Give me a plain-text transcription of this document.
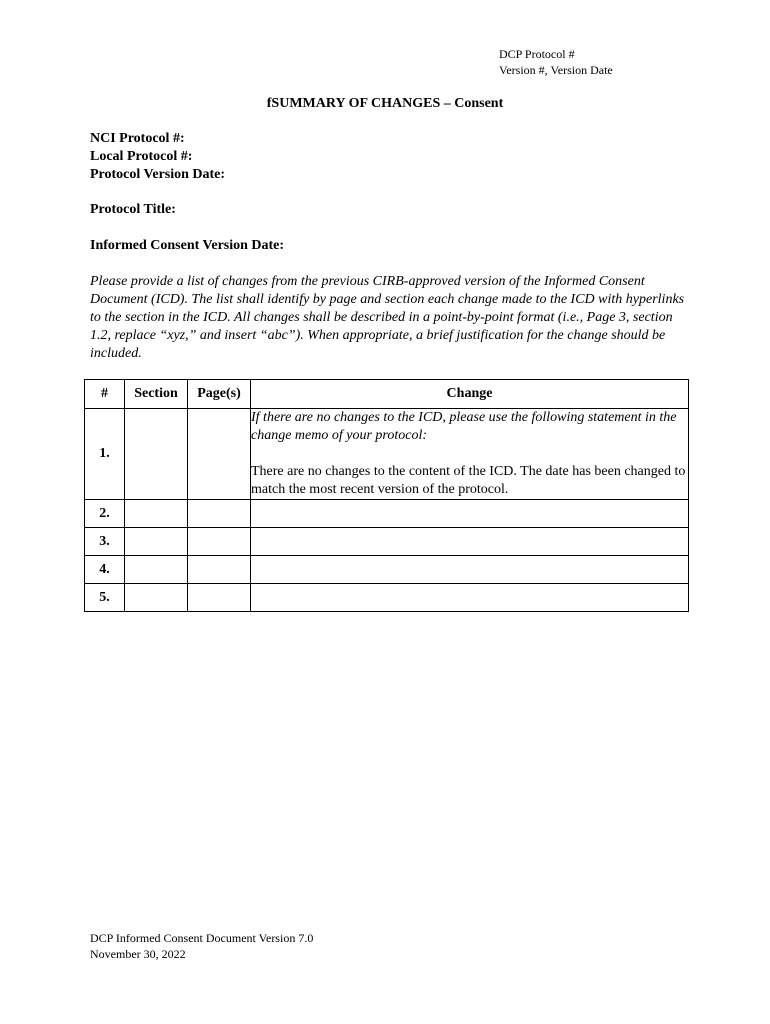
DCP Protocol #
Version #, Version Date
fSUMMARY OF CHANGES – Consent
NCI Protocol #:
Local Protocol #:
Protocol Version Date:
Protocol Title:
Informed Consent Version Date:
Please provide a list of changes from the previous CIRB-approved version of the Informed Consent Document (ICD). The list shall identify by page and section each change made to the ICD with hyperlinks to the section in the ICD. All changes shall be described in a point-by-point format (i.e., Page 3, section 1.2, replace “xyz,” and insert “abc”). When appropriate, a brief justification for the change should be included.
#	Section	Page(s)	Change
1.			If there are no changes to the ICD, please use the following statement in the change memo of your protocol:
There are no changes to the content of the ICD. The date has been changed to match the most recent version of the protocol.

2.			
3.			
4.			
5.			
DCP Informed Consent Document Version 7.0
November 30, 2022
